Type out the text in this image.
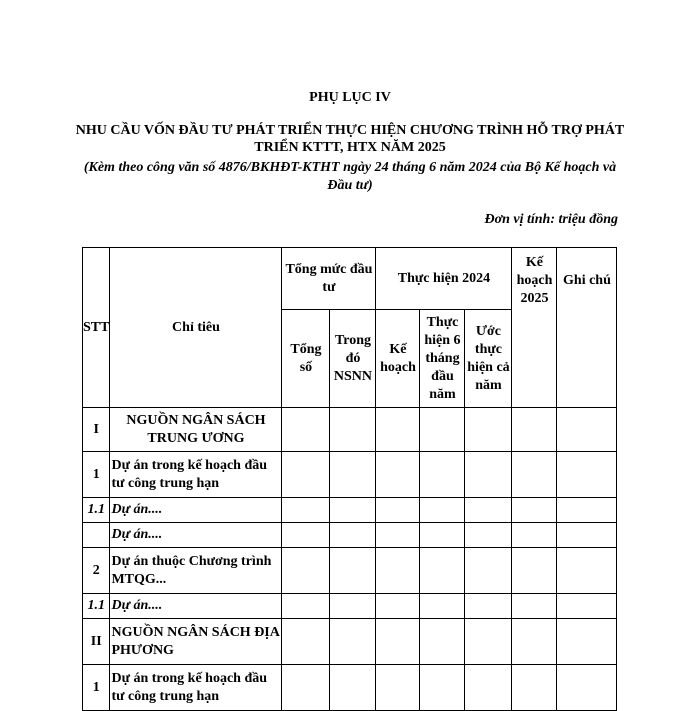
PHỤ LỤC IV
NHU CẦU VỐN ĐẦU TƯ PHÁT TRIỂN THỰC HIỆN CHƯƠNG TRÌNH HỖ TRỢ PHÁT TRIỂN KTTT, HTX NĂM 2025
(Kèm theo công văn số 4876/BKHĐT-KTHT ngày 24 tháng 6 năm 2024 của Bộ Kế hoạch và Đầu tư)
Đơn vị tính: triệu đồng
STT	Chỉ tiêu	Tổng mức đầu tư		Thực hiện 2024			Kế hoạch 2025	Ghi chú
		Tổng số	Trong đó NSNN	Kế hoạch	Thực hiện 6 tháng đầu năm	Ước thực hiện cả năm		
I	NGUỒN NGÂN SÁCH TRUNG ƯƠNG							
1	Dự án trong kế hoạch đầu tư công trung hạn							
1.1	Dự án....							
	Dự án....							
2	Dự án thuộc Chương trình MTQG...							
1.1	Dự án....							
II	NGUỒN NGÂN SÁCH ĐỊA PHƯƠNG							
1	Dự án trong kế hoạch đầu tư công trung hạn							
